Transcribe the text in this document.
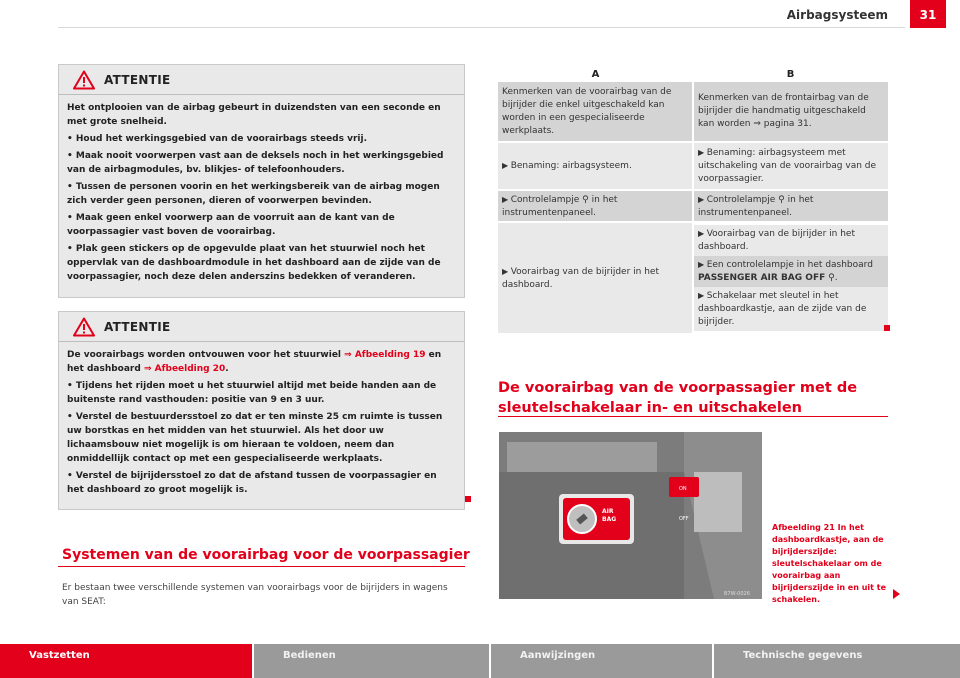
Airbagsysteem	31
ATTENTIE

Het ontplooien van de airbag gebeurt in duizendsten van een seconde en met grote snelheid.

• Houd het werkingsgebied van de voorairbags steeds vrij.

• Maak nooit voorwerpen vast aan de deksels noch in het werkingsgebied van de airbagmodules, bv. blikjes- of telefoonhouders.

• Tussen de personen voorin en het werkingsbereik van de airbag mogen zich verder geen personen, dieren of voorwerpen bevinden.

• Maak geen enkel voorwerp aan de voorruit aan de kant van de voorpassagier vast boven de voorairbag.

• Plak geen stickers op de opgevulde plaat van het stuurwiel noch het oppervlak van de dashboardmodule in het dashboard aan de zijde van de voorpassagier, noch deze delen anderszins bedekken of veranderen.

ATTENTIE

De voorairbags worden ontvouwen voor het stuurwiel ⇒ Afbeelding 19 en het dashboard ⇒ Afbeelding 20.

• Tijdens het rijden moet u het stuurwiel altijd met beide handen aan de buitenste rand vasthouden: positie van 9 en 3 uur.

• Verstel de bestuurdersstoel zo dat er ten minste 25 cm ruimte is tussen uw borstkas en het midden van het stuurwiel. Als het door uw lichaamsbouw niet mogelijk is om hieraan te voldoen, neem dan onmiddellijk contact op met een gespecialiseerde werkplaats.

• Verstel de bijrijdersstoel zo dat de afstand tussen de voorpassagier en het dashboard zo groot mogelijk is.

Systemen van de voorairbag voor de voorpassagier
Er bestaan twee verschillende systemen van voorairbags voor de bijrijders in wagens van SEAT:
A	B
Kenmerken van de voorairbag van de bijrijder die enkel uitgeschakeld kan worden in een gespecialiseerde werkplaats.	Kenmerken van de frontairbag van de bijrijder die handmatig uitgeschakeld kan worden ⇒ pagina 31.
▶ Benaming: airbagsysteem.	▶ Benaming: airbagsysteem met uitschakeling van de voorairbag van de voorpassagier.
▶ Controlelampje ⚲ in het instrumentenpaneel.	▶ Controlelampje ⚲ in het instrumentenpaneel.
▶ Voorairbag van de bijrijder in het dashboard.	▶ Voorairbag van de bijrijder in het dashboard.
▶ Een controlelampje in het dashboard PASSENGER AIR BAG OFF ⚲.
▶ Schakelaar met sleutel in het dashboardkastje, aan de zijde van de bijrijder.
De voorairbag van de voorpassagier met de
sleutelschakelaar in- en uitschakelen
AIR
BAG
ON
OFF
B7W-0026
Afbeelding 21 In het dashboardkastje, aan de bijrijderszijde: sleutelschakelaar om de voorairbag aan bijrijderszijde in en uit te schakelen.
Vastzetten	Bedienen	Aanwijzingen	Technische gegevens
